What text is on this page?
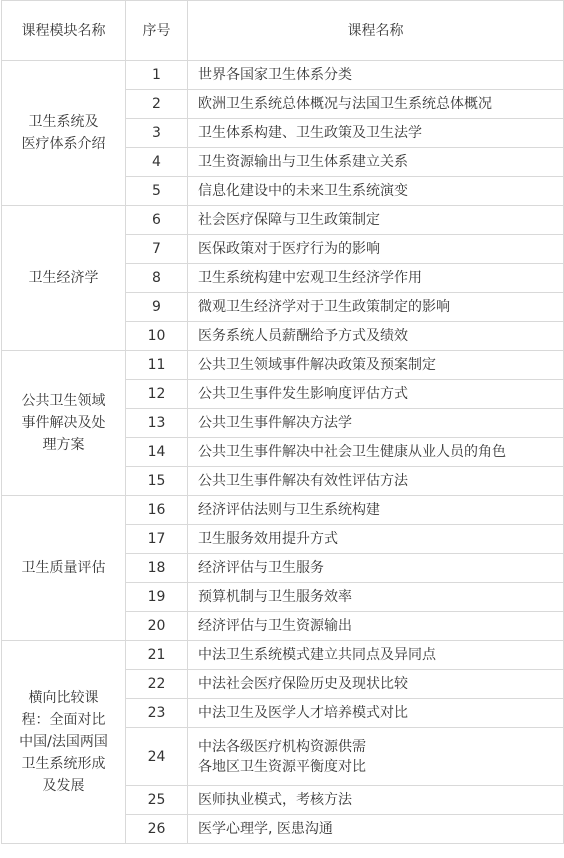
课程模块名称	序号	课程名称

卫生系统及
医疗体系介绍	1	世界各国家卫生体系分类
	2	欧洲卫生系统总体概况与法国卫生系统总体概况
	3	卫生体系构建、卫生政策及卫生法学
	4	卫生资源输出与卫生体系建立关系
	5	信息化建设中的未来卫生系统演变

卫生经济学	6	社会医疗保障与卫生政策制定
	7	医保政策对于医疗行为的影响
	8	卫生系统构建中宏观卫生经济学作用
	9	微观卫生经济学对于卫生政策制定的影响
	10	医务系统人员薪酬给予方式及绩效

公共卫生领域
事件解决及处
理方案	11	公共卫生领域事件解决政策及预案制定
	12	公共卫生事件发生影响度评估方式
	13	公共卫生事件解决方法学
	14	公共卫生事件解决中社会卫生健康从业人员的角色
	15	公共卫生事件解决有效性评估方法

卫生质量评估	16	经济评估法则与卫生系统构建
	17	卫生服务效用提升方式
	18	经济评估与卫生服务
	19	预算机制与卫生服务效率
	20	经济评估与卫生资源输出

横向比较课
程：全面对比
中国/法国两国
卫生系统形成
及发展	21	中法卫生系统模式建立共同点及异同点
	22	中法社会医疗保险历史及现状比较
	23	中法卫生及医学人才培养模式对比
	24	中法各级医疗机构资源供需
各地区卫生资源平衡度对比

	25	医师执业模式，考核方法
	26	医学心理学, 医患沟通
